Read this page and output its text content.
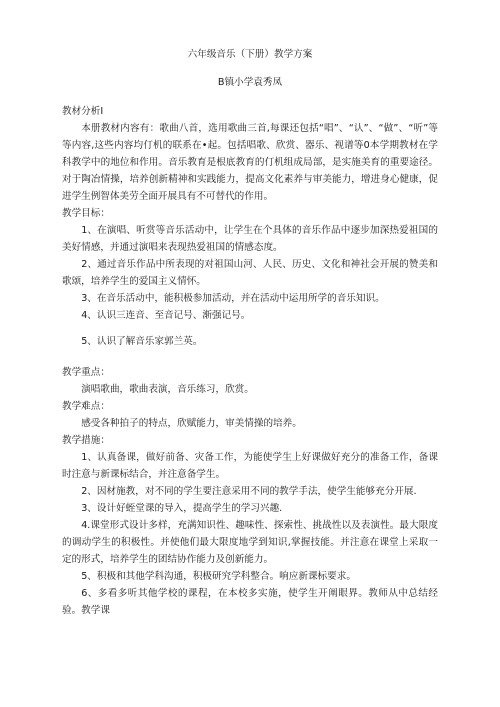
六年级音乐（下册）教学方案

B镇小学袁秀凤

教材分析I

本册教材内容有：歌曲八首，选用歌曲三首,每课还包括“唱”、“认”、“做”、“听”等等内容,这些内容均仃机的联系在•起。包括唱歌、欣赏、器乐、视谱等0本学期教材在学科教学中的地位和作用。音乐教育是根底教育的仃机组成局部，是实施美育的重要途径。对于陶冶情操，培养创新精神和实践能力，提高文化素养与审美能力，增进身心健康，促进学生例智体美劳全面开展具有不可替代的作用。

教学目标：

1、在演唱、听赏等音乐活动中，让学生在个具体的音乐作品中逐步加深热爱祖国的美好情感，并通过演唱来表现热爱祖国的情感态度。

2、通过音乐作品中所表现的对祖国山河、人民、历史、文化和神社会开展的赞美和歌颂，培养学生的爱国主义情怀。

3、在音乐活动中，能积极参加活动，并在活动中运用所学的音乐知识。

4、认识三连音、至音记号、渐强记号。

5、认识了解音乐家郭兰英。

教学重点：

演唱歌曲，歌曲表演，音乐练习，欣赏。

教学难点：

感受各种拍子的特点，欣赋能力，审美情操的培养。

教学措施：

1、认真备课，做好前备、灾备工作，为能使学生上好课做好充分的准备工作，备课时注意与新课标结合，并注意备学生。

2、因材施教，对不同的学生要注意采用不同的教学手法，使学生能够充分开展.

3、设计好蛭堂课的导入，提高学生的学习兴趣.

4.课堂形式设计多样，充满知识性、趣味性、探索性、挑战性以及表演性。最大限度的调动学生的积极性。并使他们最大限度地学到知识,掌握技能。并注意在课堂上采取一定的形式，培养学生的团结协作能力及创新能力。

5、积极和其他学科沟通，积极研究学科整合。响应新课标要求。

6、多看多听其他学校的课程，在本校多实施，使学生开阐眼界。教师从中总结经验。教学课
